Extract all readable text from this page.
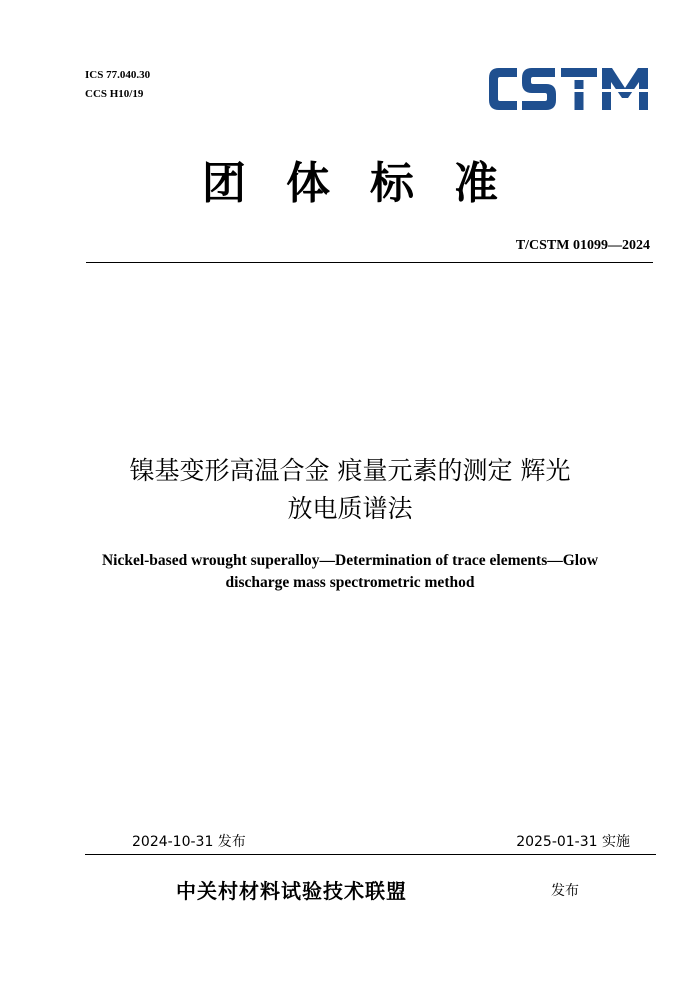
ICS 77.040.30
CCS H10/19
团体标准
T/CSTM 01099—2024
镍基变形高温合金 痕量元素的测定 辉光
放电质谱法
Nickel-based wrought superalloy—Determination of trace elements—Glow
discharge mass spectrometric method
2024-10-31 发布	2025-01-31 实施
中关村材料试验技术联盟	发布
